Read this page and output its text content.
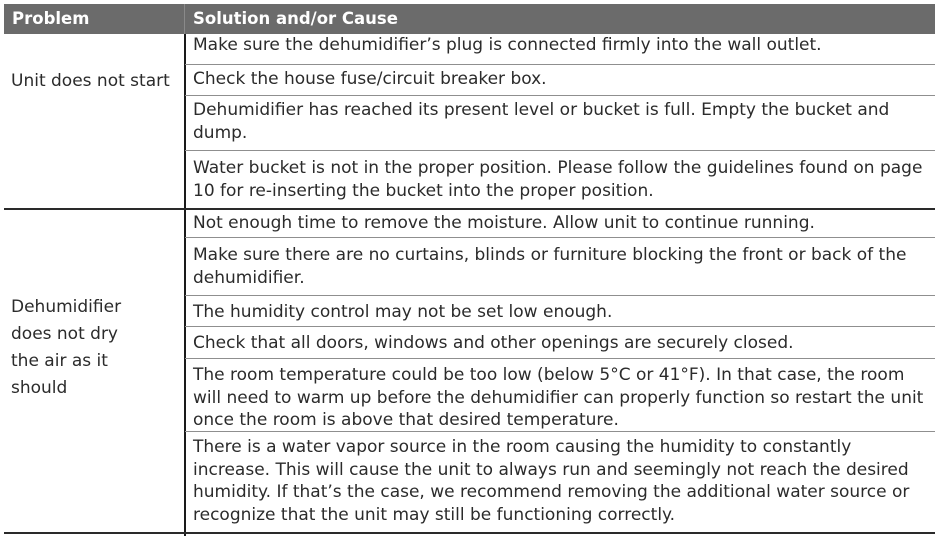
Problem	Solution and/or Cause
Unit does not start
Make sure the dehumidifier’s plug is connected firmly into the wall outlet.
Check the house fuse/circuit breaker box.
Dehumidifier has reached its present level or bucket is full. Empty the bucket and dump.
Water bucket is not in the proper position. Please follow the guidelines found on page 10 for re-inserting the bucket into the proper position.
Dehumidifier does not dry the air as it should
Not enough time to remove the moisture. Allow unit to continue running.
Make sure there are no curtains, blinds or furniture blocking the front or back of the dehumidifier.
The humidity control may not be set low enough.
Check that all doors, windows and other openings are securely closed.
The room temperature could be too low (below 5°C or 41°F). In that case, the room will need to warm up before the dehumidifier can properly function so restart the unit once the room is above that desired temperature.
There is a water vapor source in the room causing the humidity to constantly increase. This will cause the unit to always run and seemingly not reach the desired humidity. If that’s the case, we recommend removing the additional water source or recognize that the unit may still be functioning correctly.
